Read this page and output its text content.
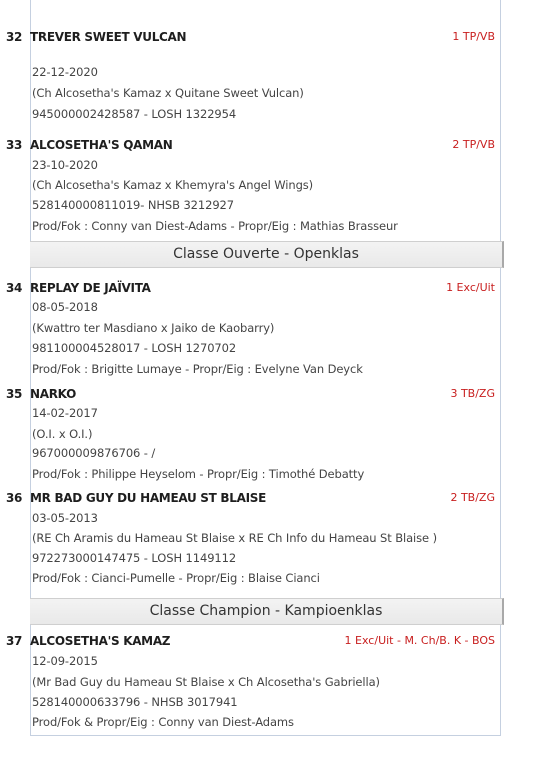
32 TREVER SWEET VULCAN	1 TP/VB
22-12-2020
(Ch Alcosetha's Kamaz x Quitane Sweet Vulcan)
945000002428587 - LOSH 1322954
33 ALCOSETHA'S QAMAN	2 TP/VB
23-10-2020
(Ch Alcosetha's Kamaz x Khemyra's Angel Wings)
528140000811019- NHSB 3212927
Prod/Fok : Conny van Diest-Adams - Propr/Eig : Mathias Brasseur
Classe Ouverte - Openklas
34 REPLAY DE JAÏVITA	1 Exc/Uit
08-05-2018
(Kwattro ter Masdiano x Jaiko de Kaobarry)
981100004528017 - LOSH 1270702
Prod/Fok : Brigitte Lumaye - Propr/Eig : Evelyne Van Deyck
35 NARKO	3 TB/ZG
14-02-2017
(O.I. x O.I.)
967000009876706 - /
Prod/Fok : Philippe Heyselom - Propr/Eig : Timothé Debatty
36 MR BAD GUY DU HAMEAU ST BLAISE	2 TB/ZG
03-05-2013
(RE Ch Aramis du Hameau St Blaise x RE Ch Info du Hameau St Blaise )
972273000147475 - LOSH 1149112
Prod/Fok : Cianci-Pumelle - Propr/Eig : Blaise Cianci
Classe Champion - Kampioenklas
37 ALCOSETHA'S KAMAZ	1 Exc/Uit - M. Ch/B. K - BOS
12-09-2015
(Mr Bad Guy du Hameau St Blaise x Ch Alcosetha's Gabriella)
528140000633796 - NHSB 3017941
Prod/Fok & Propr/Eig : Conny van Diest-Adams
